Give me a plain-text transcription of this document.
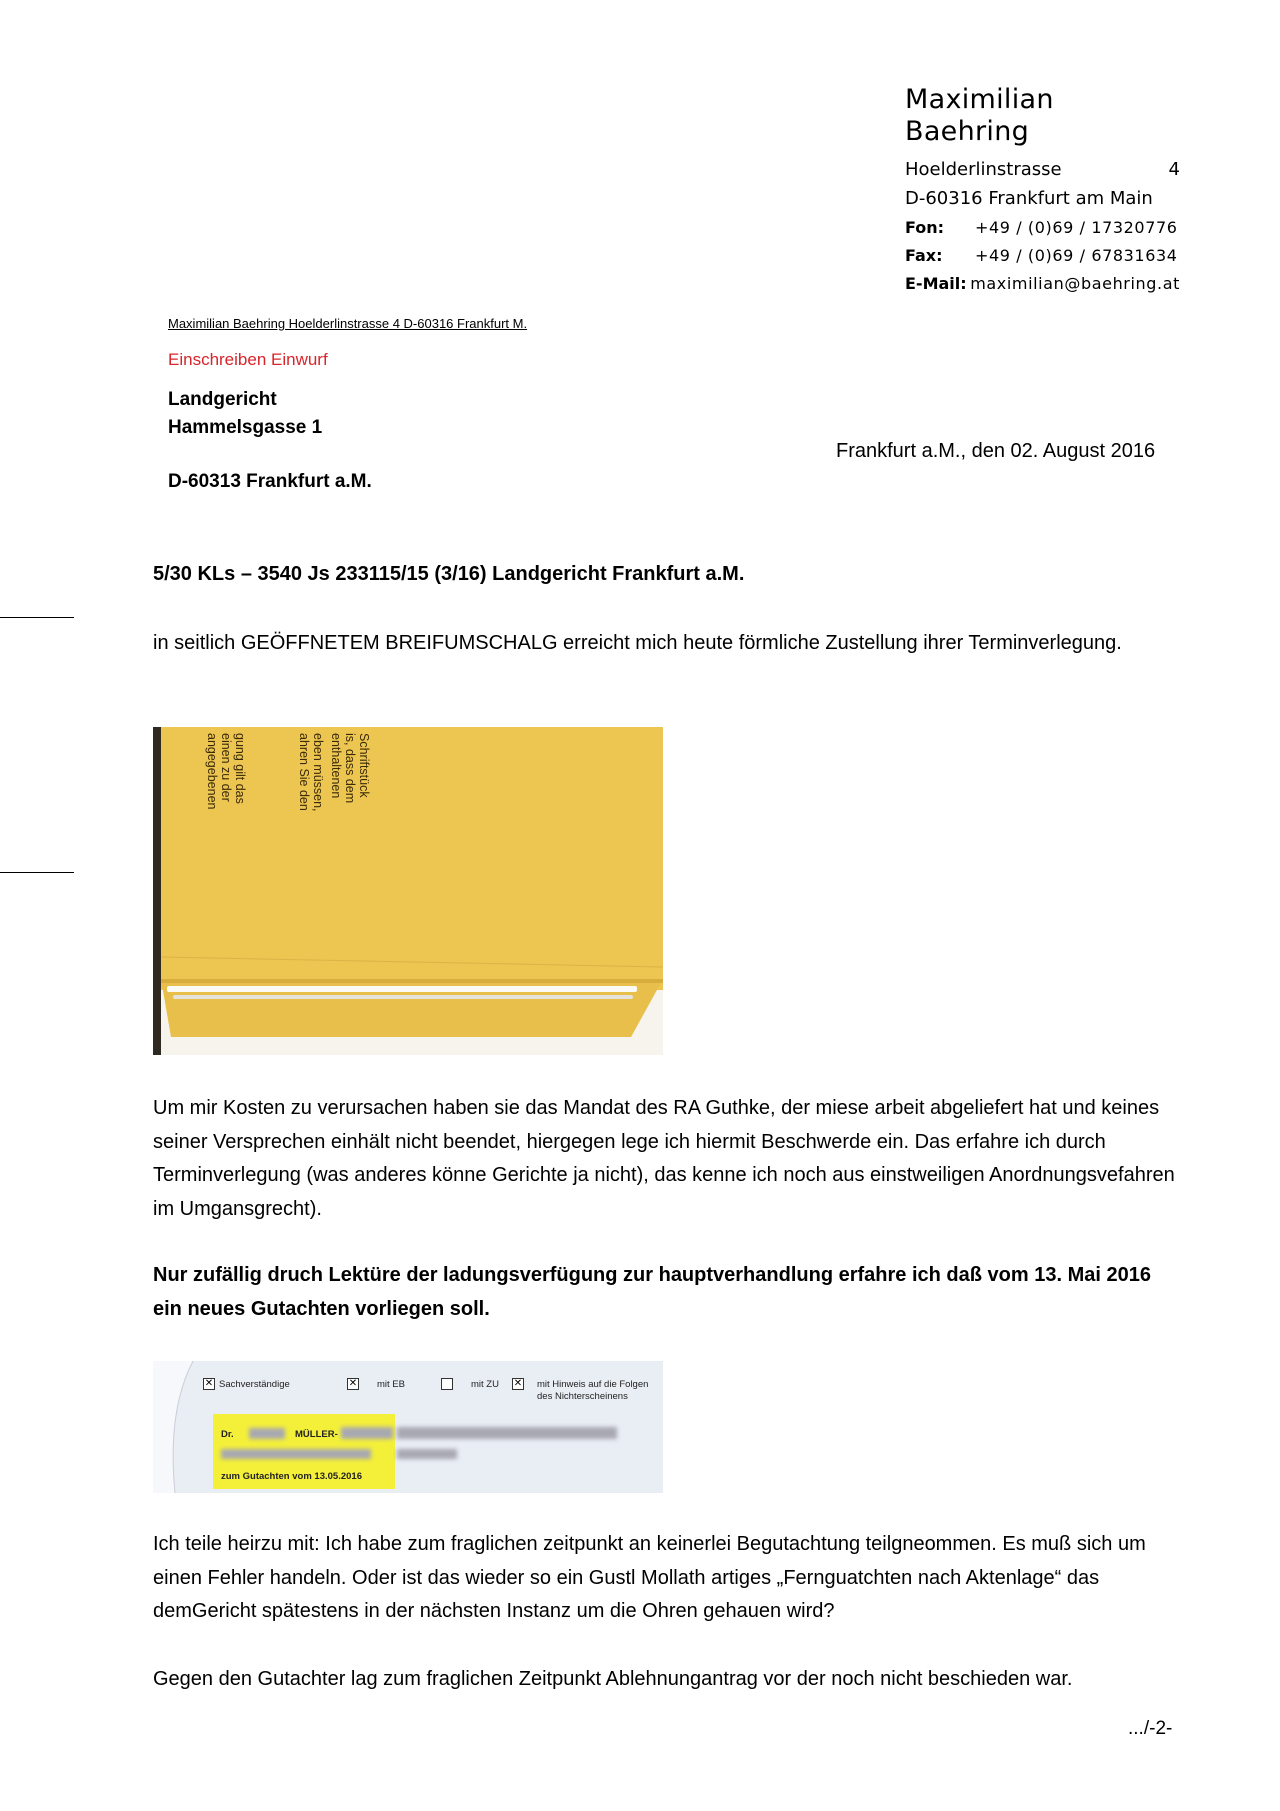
Maximilian Baehring
Hoelderlinstrasse	4
D-60316 Frankfurt am Main
Fon:	+49 / (0)69 / 17320776
Fax:	+49 / (0)69 / 67831634
E-Mail: maximilian@baehring.at
Maximilian Baehring Hoelderlinstrasse 4 D-60316 Frankfurt M.
Einschreiben Einwurf
Landgericht
Hammelsgasse 1
D-60313 Frankfurt a.M.
Frankfurt a.M., den 02. August 2016
5/30 KLs – 3540 Js 233115/15 (3/16) Landgericht Frankfurt a.M.
in seitlich GEÖFFNETEM BREIFUMSCHALG erreicht mich heute förmliche Zustellung ihrer Terminverlegung.
gung gilt das
einen zu der
angegebenen	eben müssen,
ahren Sie den
Schriftstück
is, dass dem
enthaltenen
Um mir Kosten zu verursachen haben sie das Mandat des RA Guthke, der miese arbeit abgeliefert hat und keines seiner Versprechen einhält nicht beendet, hiergegen lege ich hiermit Beschwerde ein. Das erfahre ich durch Terminverlegung (was anderes könne Gerichte ja nicht), das kenne ich noch aus einstweiligen Anordnungsvefahren im Umgansgrecht).
Nur zufällig druch Lektüre der ladungsverfügung zur hauptverhandlung erfahre ich daß vom 13. Mai 2016 ein neues Gutachten vorliegen soll.
✕ Sachverständige	✕ mit EB	mit ZU ✕ mit Hinweis auf die Folgen
des Nichterscheinens
Dr.	MÜLLER-
zum Gutachten vom 13.05.2016
Ich teile heirzu mit: Ich habe zum fraglichen zeitpunkt an keinerlei Begutachtung teilgneommen. Es muß sich um einen Fehler handeln. Oder ist das wieder so ein Gustl Mollath artiges „Fernguatchten nach Aktenlage“ das demGericht spätestens in der nächsten Instanz um die Ohren gehauen wird?
Gegen den Gutachter lag zum fraglichen Zeitpunkt Ablehnungantrag vor der noch nicht beschieden war.
.../-2-
